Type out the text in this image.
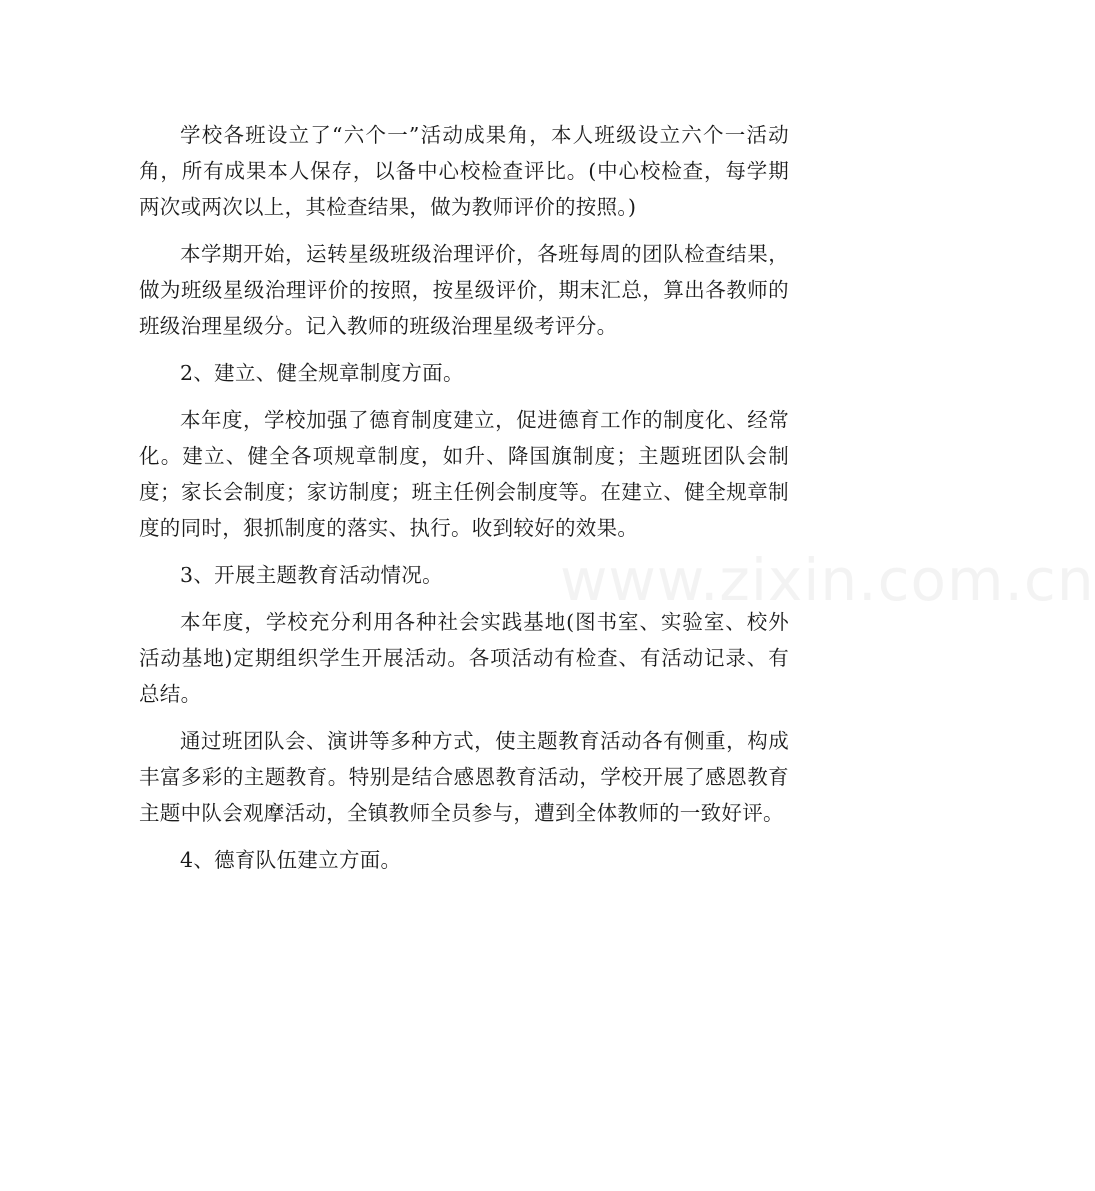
学校各班设立了“六个一”活动成果角，本人班级设立六个一活动角，所有成果本人保存，以备中心校检查评比。(中心校检查，每学期两次或两次以上，其检查结果，做为教师评价的按照。)

本学期开始，运转星级班级治理评价，各班每周的团队检查结果，做为班级星级治理评价的按照，按星级评价，期末汇总，算出各教师的班级治理星级分。记入教师的班级治理星级考评分。

2、建立、健全规章制度方面。

本年度，学校加强了德育制度建立，促进德育工作的制度化、经常化。建立、健全各项规章制度，如升、降国旗制度；主题班团队会制度；家长会制度；家访制度；班主任例会制度等。在建立、健全规章制度的同时，狠抓制度的落实、执行。收到较好的效果。

3、开展主题教育活动情况。

本年度，学校充分利用各种社会实践基地(图书室、实验室、校外活动基地)定期组织学生开展活动。各项活动有检查、有活动记录、有总结。

通过班团队会、演讲等多种方式，使主题教育活动各有侧重，构成丰富多彩的主题教育。特别是结合感恩教育活动，学校开展了感恩教育主题中队会观摩活动，全镇教师全员参与，遭到全体教师的一致好评。

4、德育队伍建立方面。

www.zixin.com.cn
